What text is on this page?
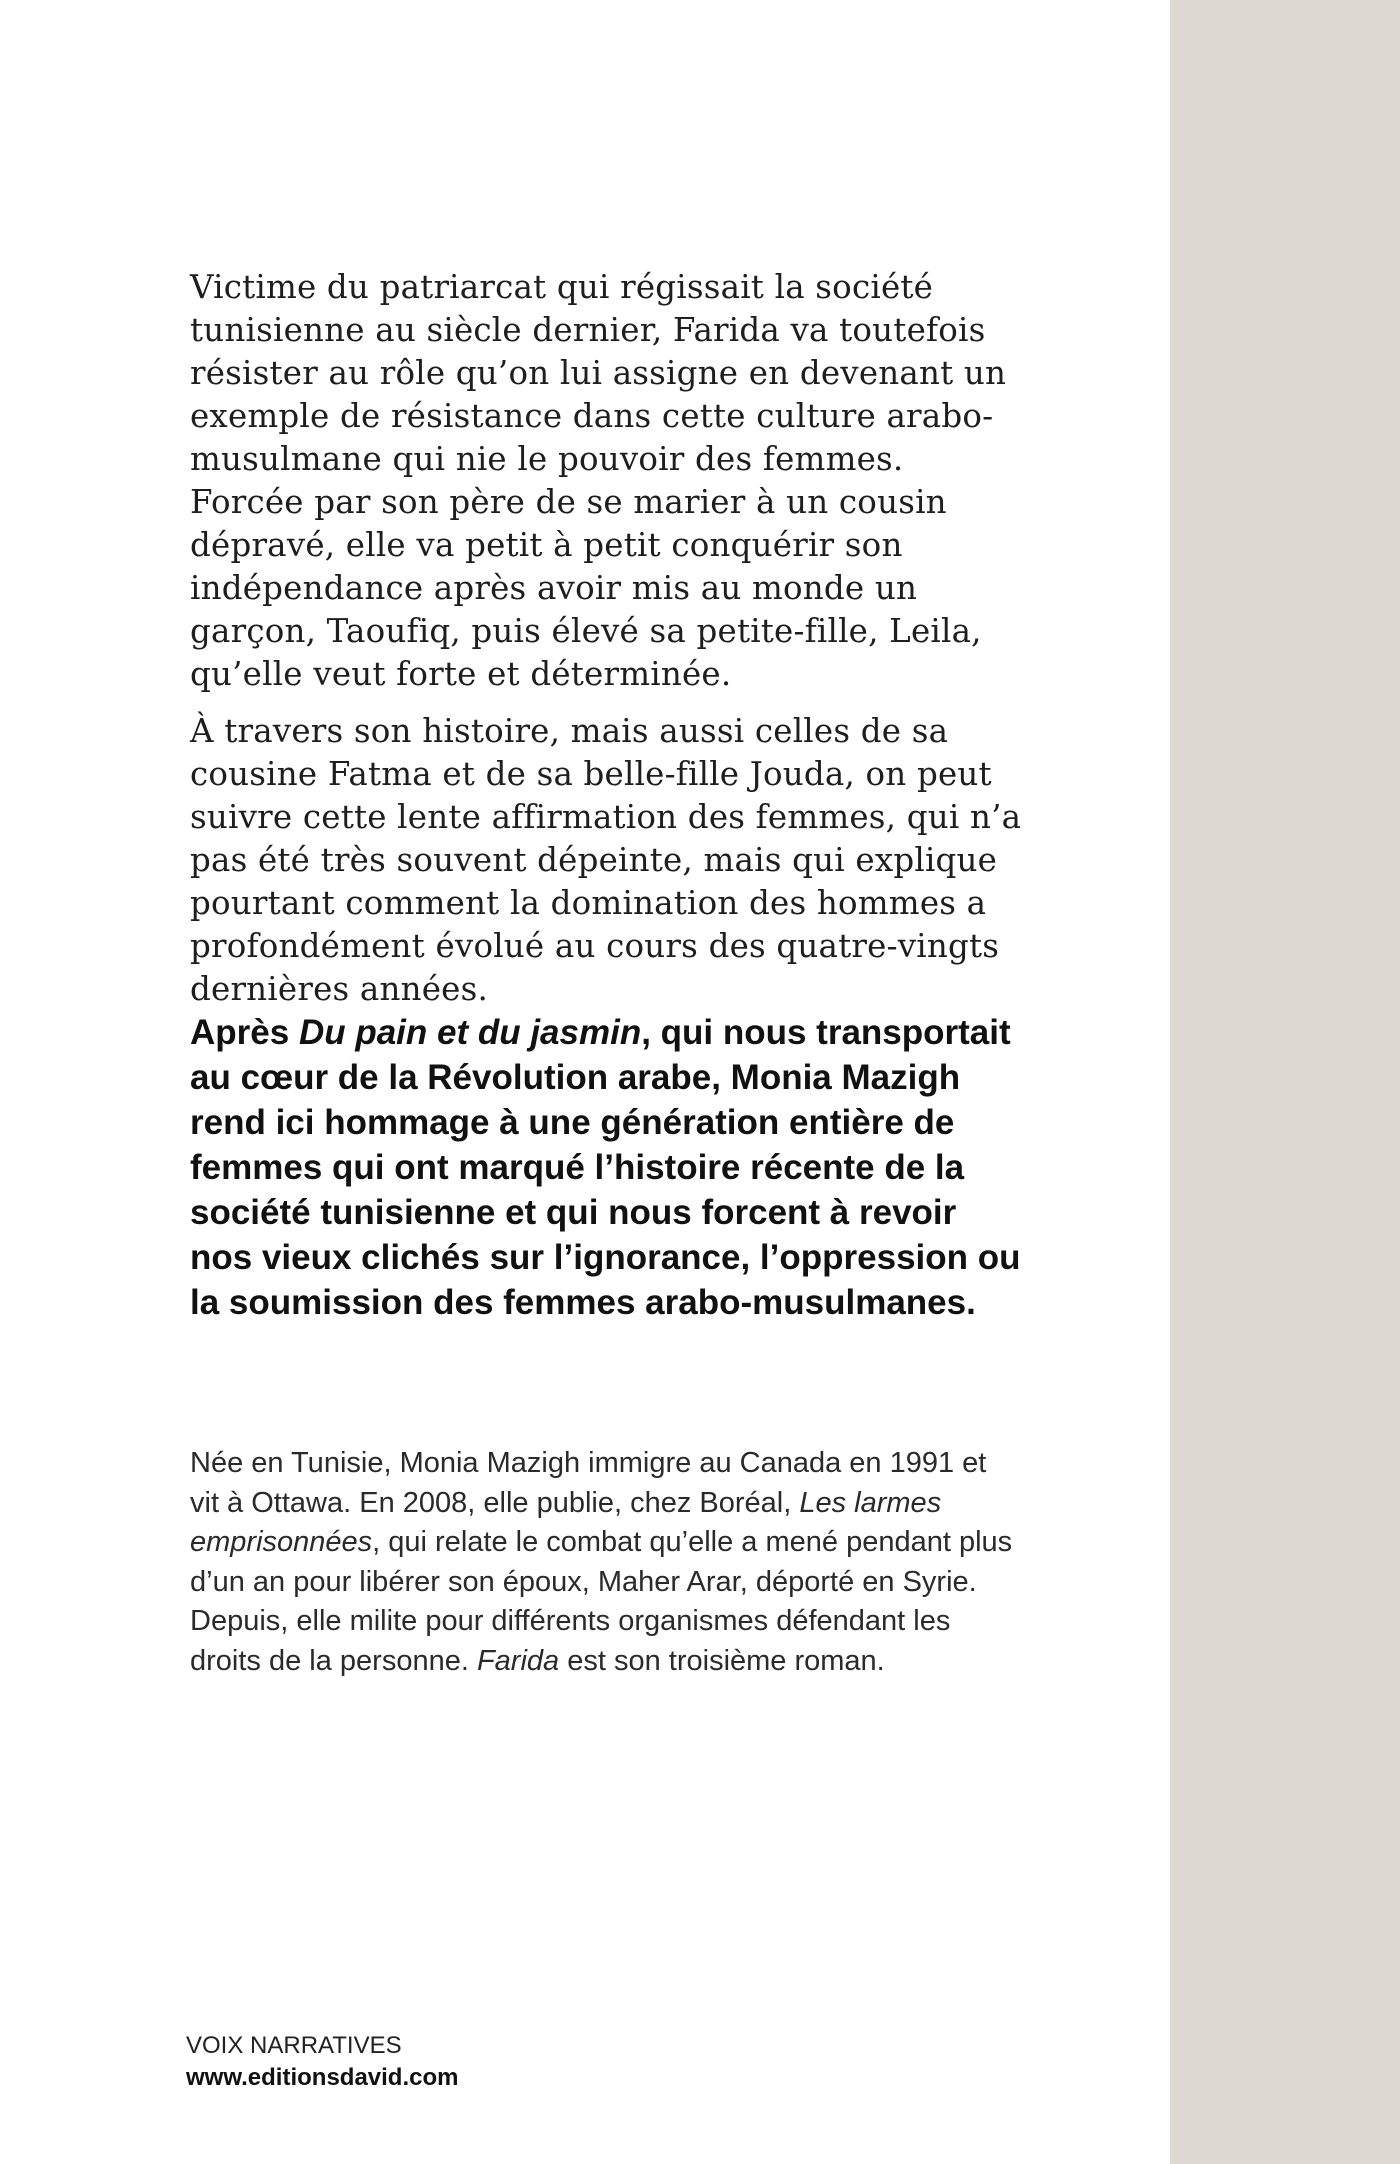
Victime du patriarcat qui régissait la société tunisienne au siècle dernier, Farida va toutefois résister au rôle qu’on lui assigne en devenant un exemple de résistance dans cette culture arabo-musulmane qui nie le pouvoir des femmes. Forcée par son père de se marier à un cousin dépravé, elle va petit à petit conquérir son indépendance après avoir mis au monde un garçon, Taoufiq, puis élevé sa petite-fille, Leila, qu’elle veut forte et déterminée.

À travers son histoire, mais aussi celles de sa cousine Fatma et de sa belle-fille Jouda, on peut suivre cette lente affirmation des femmes, qui n’a pas été très souvent dépeinte, mais qui explique pourtant comment la domination des hommes a profondément évolué au cours des quatre-vingts dernières années.

Après Du pain et du jasmin, qui nous transportait au cœur de la Révolution arabe, Monia Mazigh rend ici hommage à une génération entière de femmes qui ont marqué l’histoire récente de la société tunisienne et qui nous forcent à revoir nos vieux clichés sur l’ignorance, l’oppression ou la soumission des femmes arabo-musulmanes.

Née en Tunisie, Monia Mazigh immigre au Canada en 1991 et vit à Ottawa. En 2008, elle publie, chez Boréal, Les larmes emprisonnées, qui relate le combat qu’elle a mené pendant plus d’un an pour libérer son époux, Maher Arar, déporté en Syrie. Depuis, elle milite pour différents organismes défendant les droits de la personne. Farida est son troisième roman.

VOIX NARRATIVES
www.editionsdavid.com
